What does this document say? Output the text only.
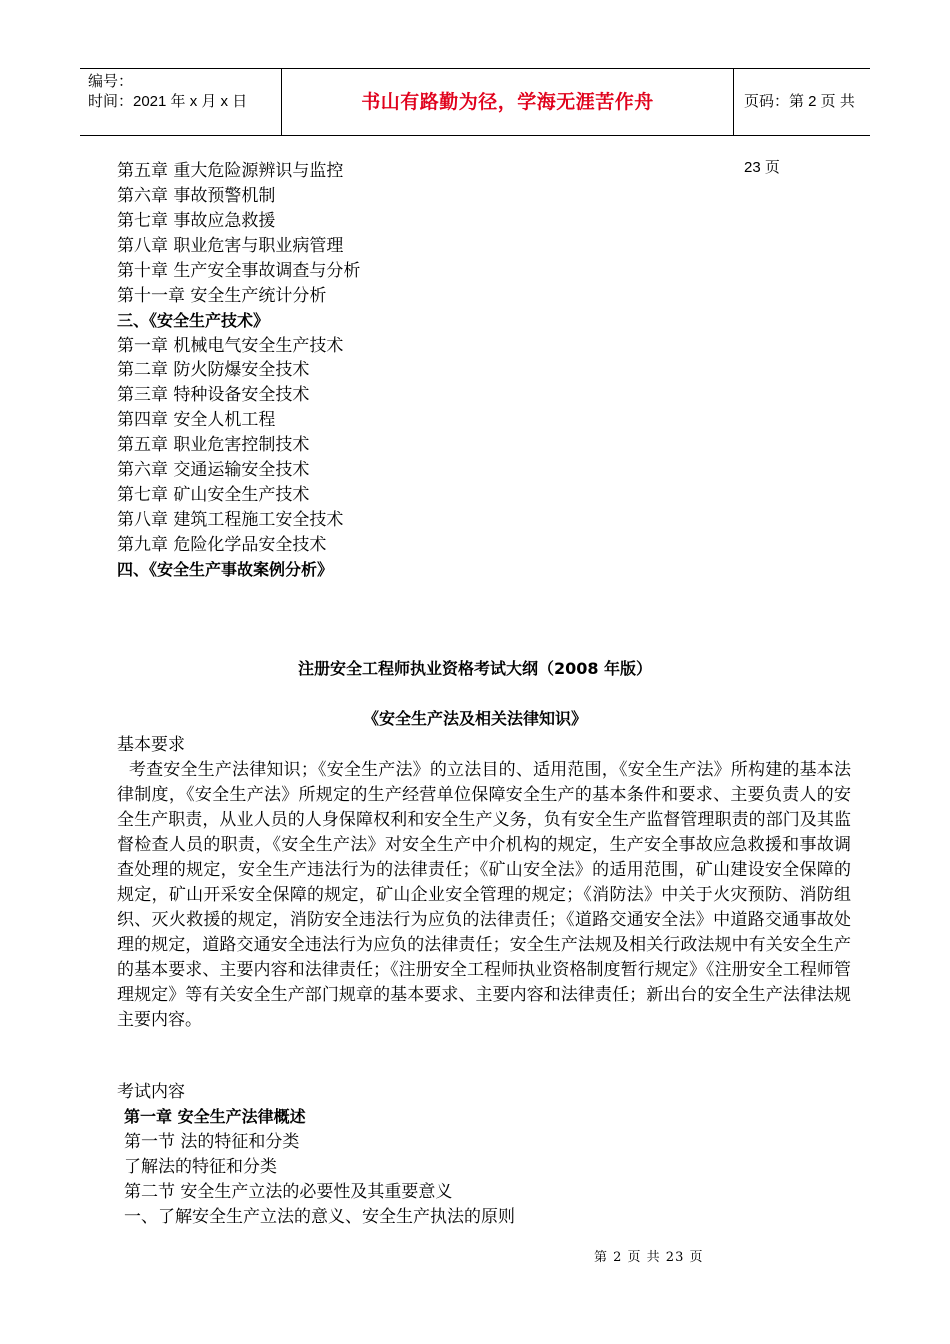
编号：
时间：2021 年 x 月 x 日	书山有路勤为径，学海无涯苦作舟	页码：第 2 页 共 23 页
第五章 重大危险源辨识与监控
第六章 事故预警机制
第七章 事故应急救援
第八章 职业危害与职业病管理
第十章 生产安全事故调查与分析
第十一章 安全生产统计分析
三、《安全生产技术》
第一章 机械电气安全生产技术
第二章 防火防爆安全技术
第三章 特种设备安全技术
第四章 安全人机工程
第五章 职业危害控制技术
第六章 交通运输安全技术
第七章 矿山安全生产技术
第八章 建筑工程施工安全技术
第九章 危险化学品安全技术
四、《安全生产事故案例分析》
注册安全工程师执业资格考试大纲（2008 年版）
《安全生产法及相关法律知识》
基本要求
考查安全生产法律知识；《安全生产法》的立法目的、适用范围，《安全生产法》所构建的基本法律制度，《安全生产法》所规定的生产经营单位保障安全生产的基本条件和要求、主要负责人的安全生产职责，从业人员的人身保障权利和安全生产义务，负有安全生产监督管理职责的部门及其监督检查人员的职责，《安全生产法》对安全生产中介机构的规定，生产安全事故应急救援和事故调查处理的规定，安全生产违法行为的法律责任；《矿山安全法》的适用范围，矿山建设安全保障的规定，矿山开采安全保障的规定，矿山企业安全管理的规定；《消防法》中关于火灾预防、消防组织、灭火救援的规定，消防安全违法行为应负的法律责任；《道路交通安全法》中道路交通事故处理的规定，道路交通安全违法行为应负的法律责任；安全生产法规及相关行政法规中有关安全生产的基本要求、主要内容和法律责任；《注册安全工程师执业资格制度暂行规定》《注册安全工程师管理规定》等有关安全生产部门规章的基本要求、主要内容和法律责任；新出台的安全生产法律法规主要内容。
考试内容
第一章 安全生产法律概述
第一节 法的特征和分类
了解法的特征和分类
第二节 安全生产立法的必要性及其重要意义
一、了解安全生产立法的意义、安全生产执法的原则
第 2 页 共 23 页
